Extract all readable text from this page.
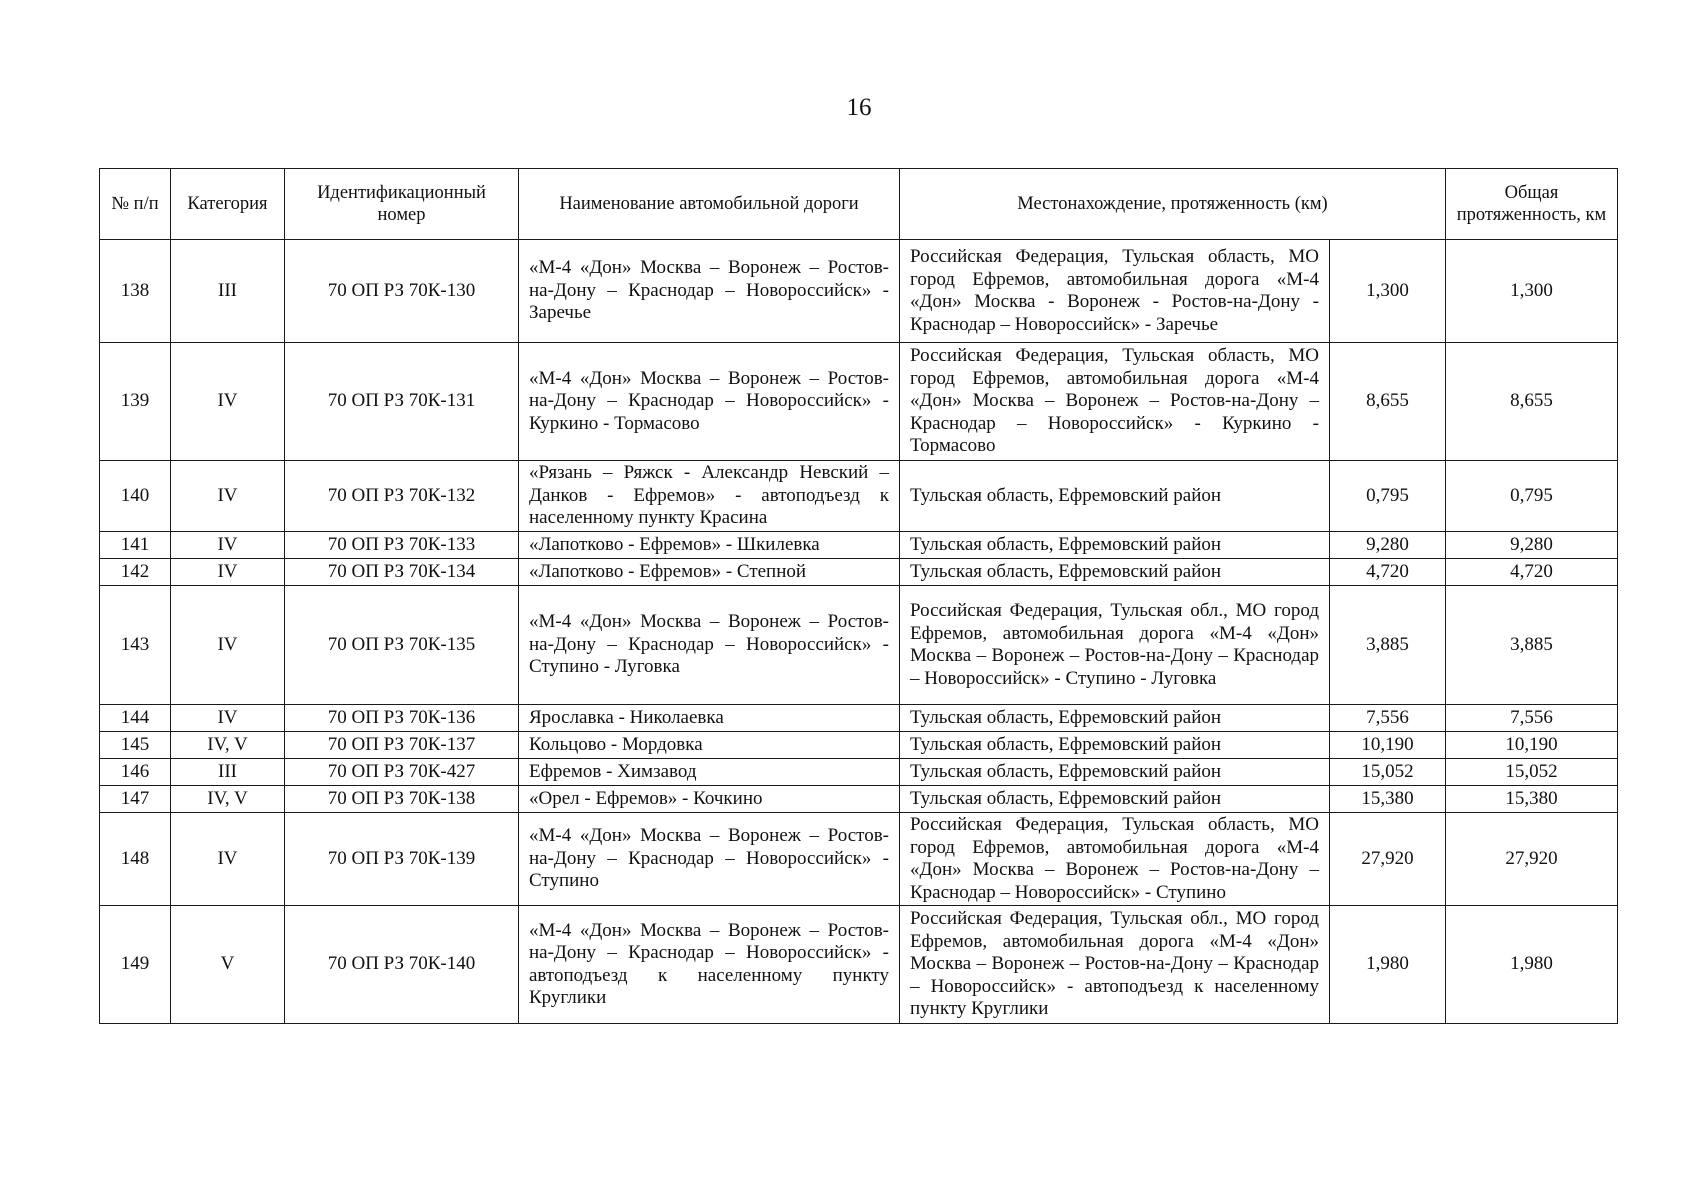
16
№ п/п	Категория	Идентификационный номер	Наименование автомобильной дороги	Местонахождение, протяженность (км)		Общая протяженность, км
138	III	70 ОП РЗ 70К-130	«М-4 «Дон» Москва – Воронеж – Ростов-на-Дону – Краснодар – Новороссийск» - Заречье	Российская Федерация, Тульская область, МО город Ефремов, автомобильная дорога «М-4 «Дон» Москва - Воронеж - Ростов-на-Дону - Краснодар – Новороссийск» - Заречье	1,300	1,300
139	IV	70 ОП РЗ 70К-131	«М-4 «Дон» Москва – Воронеж – Ростов-на-Дону – Краснодар – Новороссийск» - Куркино - Тормасово	Российская Федерация, Тульская область, МО город Ефремов, автомобильная дорога «М-4 «Дон» Москва – Воронеж – Ростов-на-Дону – Краснодар – Новороссийск» - Куркино - Тормасово	8,655	8,655
140	IV	70 ОП РЗ 70К-132	«Рязань – Ряжск - Александр Невский – Данков - Ефремов» - автоподъезд к населенному пункту Красина	Тульская область, Ефремовский район	0,795	0,795
141	IV	70 ОП РЗ 70К-133	«Лапотково - Ефремов» - Шкилевка	Тульская область, Ефремовский район	9,280	9,280
142	IV	70 ОП РЗ 70К-134	«Лапотково - Ефремов» - Степной	Тульская область, Ефремовский район	4,720	4,720
143	IV	70 ОП РЗ 70К-135	«М-4 «Дон» Москва – Воронеж – Ростов-на-Дону – Краснодар – Новороссийск» - Ступино - Луговка	Российская Федерация, Тульская обл., МО город Ефремов, автомобильная дорога «М-4 «Дон» Москва – Воронеж – Ростов-на-Дону – Краснодар – Новороссийск» - Ступино - Луговка	3,885	3,885
144	IV	70 ОП РЗ 70К-136	Ярославка - Николаевка	Тульская область, Ефремовский район	7,556	7,556
145	IV, V	70 ОП РЗ 70К-137	Кольцово - Мордовка	Тульская область, Ефремовский район	10,190	10,190
146	III	70 ОП РЗ 70К-427	Ефремов - Химзавод	Тульская область, Ефремовский район	15,052	15,052
147	IV, V	70 ОП РЗ 70К-138	«Орел - Ефремов» - Кочкино	Тульская область, Ефремовский район	15,380	15,380
148	IV	70 ОП РЗ 70К-139	«М-4 «Дон» Москва – Воронеж – Ростов-на-Дону – Краснодар – Новороссийск» - Ступино	Российская Федерация, Тульская область, МО город Ефремов, автомобильная дорога «М-4 «Дон» Москва – Воронеж – Ростов-на-Дону – Краснодар – Новороссийск» - Ступино	27,920	27,920
149	V	70 ОП РЗ 70К-140	«М-4 «Дон» Москва – Воронеж – Ростов-на-Дону – Краснодар – Новороссийск» - автоподъезд к населенному пункту Круглики	Российская Федерация, Тульская обл., МО город Ефремов, автомобильная дорога «М-4 «Дон» Москва – Воронеж – Ростов-на-Дону – Краснодар – Новороссийск» - автоподъезд к населенному пункту Круглики	1,980	1,980
